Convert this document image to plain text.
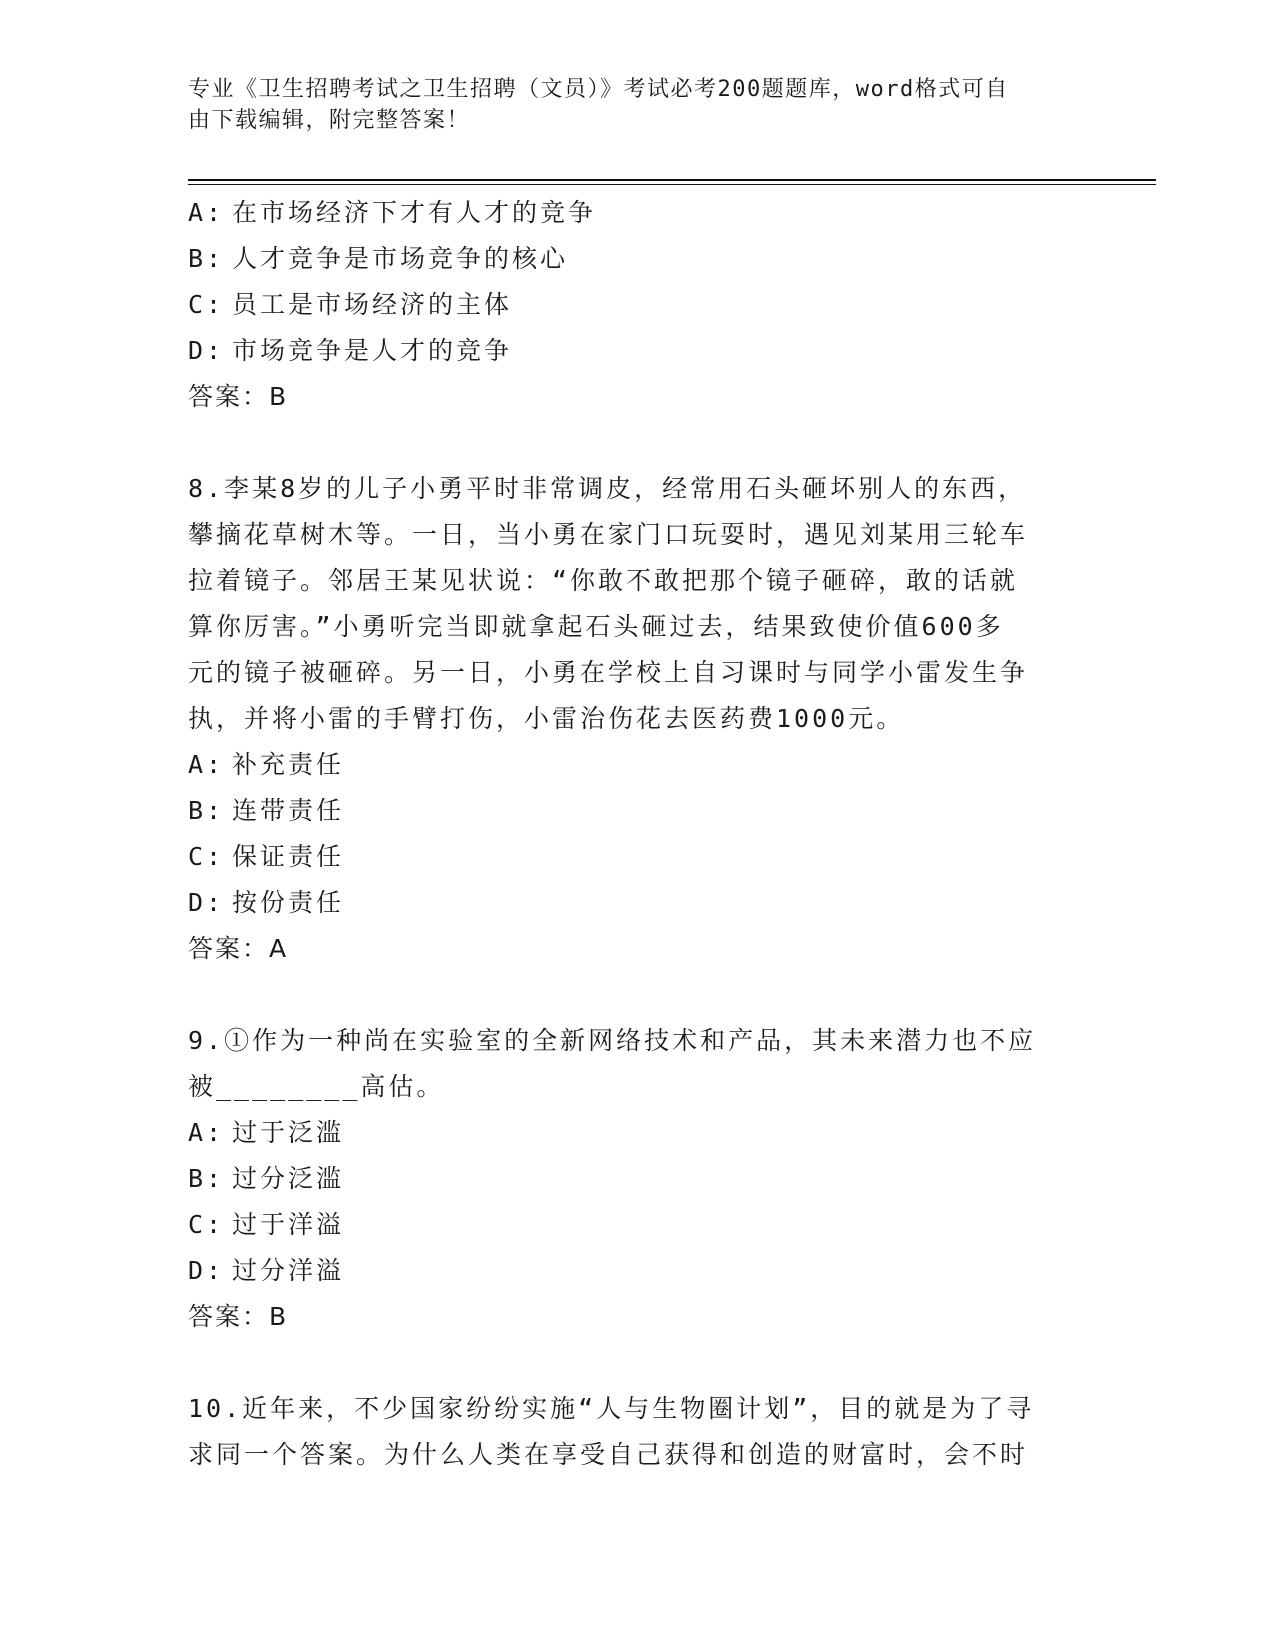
专业《卫生招聘考试之卫生招聘（文员）》考试必考200题题库，word格式可自
由下载编辑，附完整答案！
A: 在市场经济下才有人才的竞争
B: 人才竞争是市场竞争的核心
C: 员工是市场经济的主体
D: 市场竞争是人才的竞争
答案：B
8.李某8岁的儿子小勇平时非常调皮，经常用石头砸坏别人的东西，
攀摘花草树木等。一日，当小勇在家门口玩耍时，遇见刘某用三轮车
拉着镜子。邻居王某见状说：“你敢不敢把那个镜子砸碎，敢的话就
算你厉害。”小勇听完当即就拿起石头砸过去，结果致使价值600多
元的镜子被砸碎。另一日，小勇在学校上自习课时与同学小雷发生争
执，并将小雷的手臂打伤，小雷治伤花去医药费1000元。
A: 补充责任
B: 连带责任
C: 保证责任
D: 按份责任
答案：A
9.①作为一种尚在实验室的全新网络技术和产品，其未来潜力也不应
被________高估。
A: 过于泛滥
B: 过分泛滥
C: 过于洋溢
D: 过分洋溢
答案：B
10.近年来，不少国家纷纷实施“人与生物圈计划”，目的就是为了寻
求同一个答案。为什么人类在享受自己获得和创造的财富时，会不时
